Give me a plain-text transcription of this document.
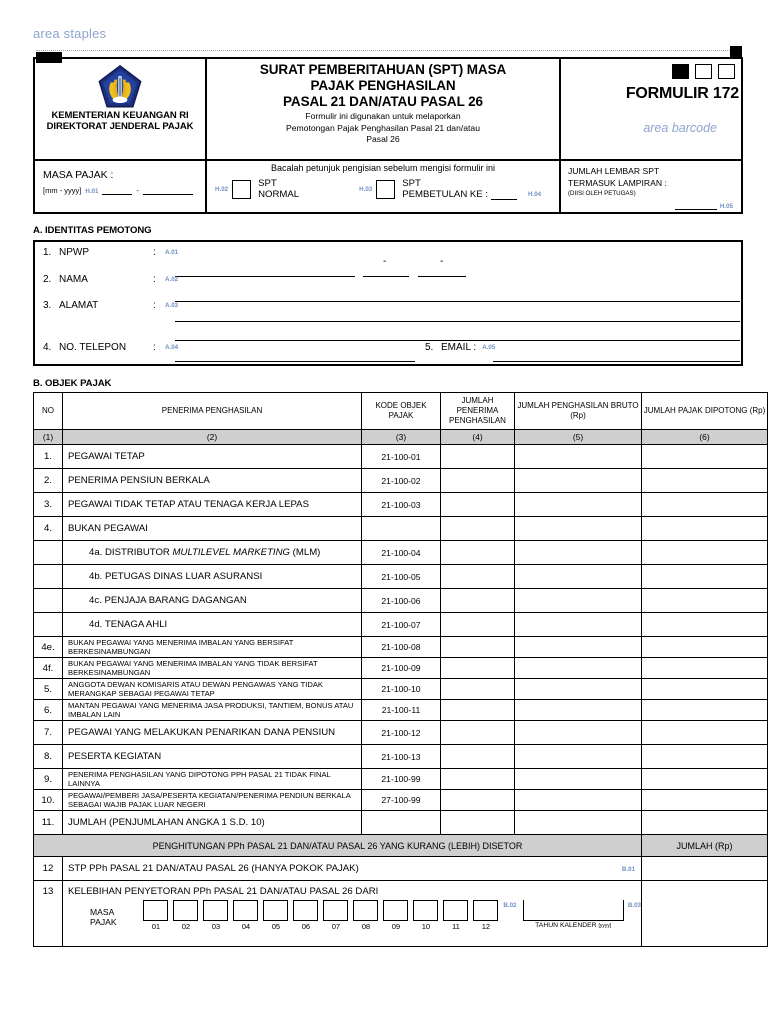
area staples
KEMENTERIAN KEUANGAN RI
DIREKTORAT JENDERAL PAJAK
SURAT PEMBERITAHUAN (SPT) MASA
PAJAK PENGHASILAN
PASAL 21 DAN/ATAU PASAL 26
Formulir ini digunakan untuk melaporkan
Pemotongan Pajak Penghasilan Pasal 21 dan/atau
Pasal 26
FORMULIR 172
area barcode
MASA PAJAK :
[mm - yyyy] H.01	-
Bacalah petunjuk pengisian sebelum mengisi formulir ini
H.02	SPT
NORMAL	H.03	SPT
PEMBETULAN KE :	H.04
JUMLAH LEMBAR SPT
TERMASUK LAMPIRAN :
(DIISI OLEH PETUGAS)
H.05
A. IDENTITAS PEMOTONG
1. NPWP	:	A.01
-	-
2. NAMA	:	A.02
3. ALAMAT	:	A.03
4. NO. TELEPON	:	A.04	5. EMAIL : A.05
B. OBJEK PAJAK
NO	PENERIMA PENGHASILAN	KODE OBJEK PAJAK	JUMLAH PENERIMA PENGHASILAN	JUMLAH PENGHASILAN BRUTO (Rp)	JUMLAH PAJAK DIPOTONG (Rp)
(1)	(2)	(3)	(4)	(5)	(6)
1.	PEGAWAI TETAP	21-100-01			
2.	PENERIMA PENSIUN BERKALA	21-100-02			
3.	PEGAWAI TIDAK TETAP ATAU TENAGA KERJA LEPAS	21-100-03			
4.	BUKAN PEGAWAI				
	4a. DISTRIBUTOR MULTILEVEL MARKETING (MLM)	21-100-04			
	4b. PETUGAS DINAS LUAR ASURANSI	21-100-05			
	4c. PENJAJA BARANG DAGANGAN	21-100-06			
	4d. TENAGA AHLI	21-100-07			
4e.	BUKAN PEGAWAI YANG MENERIMA IMBALAN YANG BERSIFAT BERKESINAMBUNGAN	21-100-08			
4f.	BUKAN PEGAWAI YANG MENERIMA IMBALAN YANG TIDAK BERSIFAT BERKESINAMBUNGAN	21-100-09			
5.	ANGGOTA DEWAN KOMISARIS ATAU DEWAN PENGAWAS YANG TIDAK MERANGKAP SEBAGAI PEGAWAI TETAP	21-100-10			
6.	MANTAN PEGAWAI YANG MENERIMA JASA PRODUKSI, TANTIEM, BONUS ATAU IMBALAN LAIN	21-100-11			
7.	PEGAWAI YANG MELAKUKAN PENARIKAN DANA PENSIUN	21-100-12			
8.	PESERTA KEGIATAN	21-100-13			
9.	PENERIMA PENGHASILAN YANG DIPOTONG PPH PASAL 21 TIDAK FINAL LAINNYA	21-100-99			
10.	PEGAWAI/PEMBERI JASA/PESERTA KEGIATAN/PENERIMA PENDIUN BERKALA SEBAGAI WAJIB PAJAK LUAR NEGERI	27-100-99			
11.	JUMLAH (PENJUMLAHAN ANGKA 1 S.D. 10)				
PENGHITUNGAN PPh PASAL 21 DAN/ATAU PASAL 26 YANG KURANG (LEBIH) DISETOR					JUMLAH (Rp)
12	STP PPh PASAL 21 DAN/ATAU PASAL 26 (HANYA POKOK PAJAK) B.01				

13	KELEBIHAN PENYETORAN PPh PASAL 21 DAN/ATAU PASAL 26 DARI
MASA PAJAK	01	02	03	04	05	06	07	08	09	10	11	12
B.02
TAHUN KALENDER [yyyy]
B.03
